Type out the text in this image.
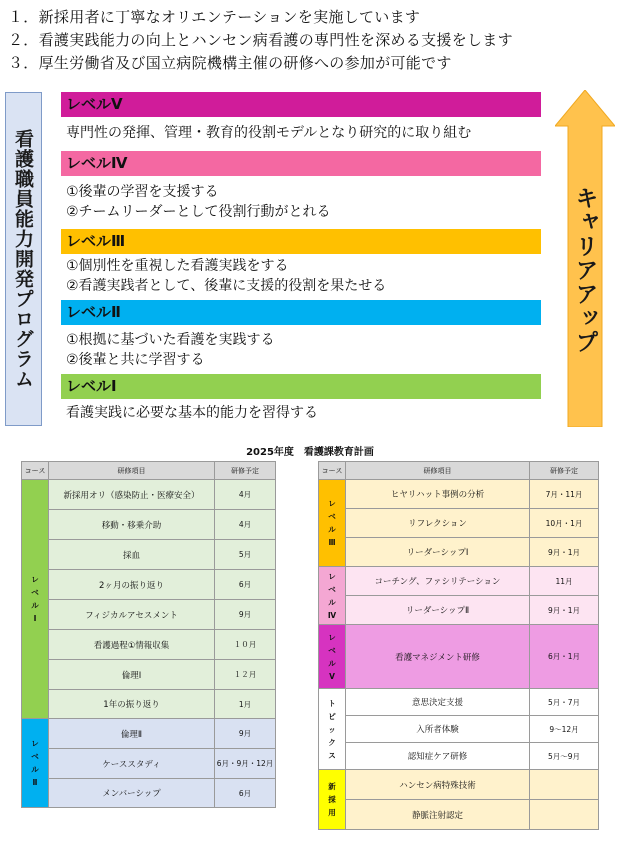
１．新採用者に丁寧なオリエンテーションを実施しています
２．看護実践能力の向上とハンセン病看護の専門性を深める支援をします
３．厚生労働省及び国立病院機構主催の研修への参加が可能です
看護職員能力開発プログラム
レベルⅤ
専門性の発揮、管理・教育的役割モデルとなり研究的に取り組む
レベルⅣ
①後輩の学習を支援する
②チームリーダーとして役割行動がとれる
レベルⅢ
①個別性を重視した看護実践をする
②看護実践者として、後輩に支援的役割を果たせる
レベルⅡ
①根拠に基づいた看護を実践する
②後輩と共に学習する
レベルⅠ
看護実践に必要な基本的能力を習得する
キャリアアップ
2025年度　看護課教育計画
コース	研修項目	研修予定
レベルⅠ	新採用オリ（感染防止・医療安全）	4月
	移動・移乗介助	4月
	採血	5月
	2ヶ月の振り返り	6月
	フィジカルアセスメント	9月
	看護過程①情報収集	１０月
	倫理Ⅰ	１２月
	1年の振り返り	1月
レベルⅡ	倫理Ⅱ	9月
	ケーススタディ	6月・9月・12月
	メンバーシップ	6月
コース	研修項目	研修予定
レベルⅢ	ヒヤリハット事例の分析	7月・11月
	リフレクション	10月・1月
	リーダーシップⅠ	9月・1月
レベルⅣ	コーチング、ファシリテーション	11月
	リーダーシップⅡ	9月・1月
レベルⅤ	看護マネジメント研修	6月・1月
トピックス	意思決定支援	5月・7月
	入所者体験	9～12月
	認知症ケア研修	5月～9月
新採用	ハンセン病特殊技術	
	静脈注射認定	
